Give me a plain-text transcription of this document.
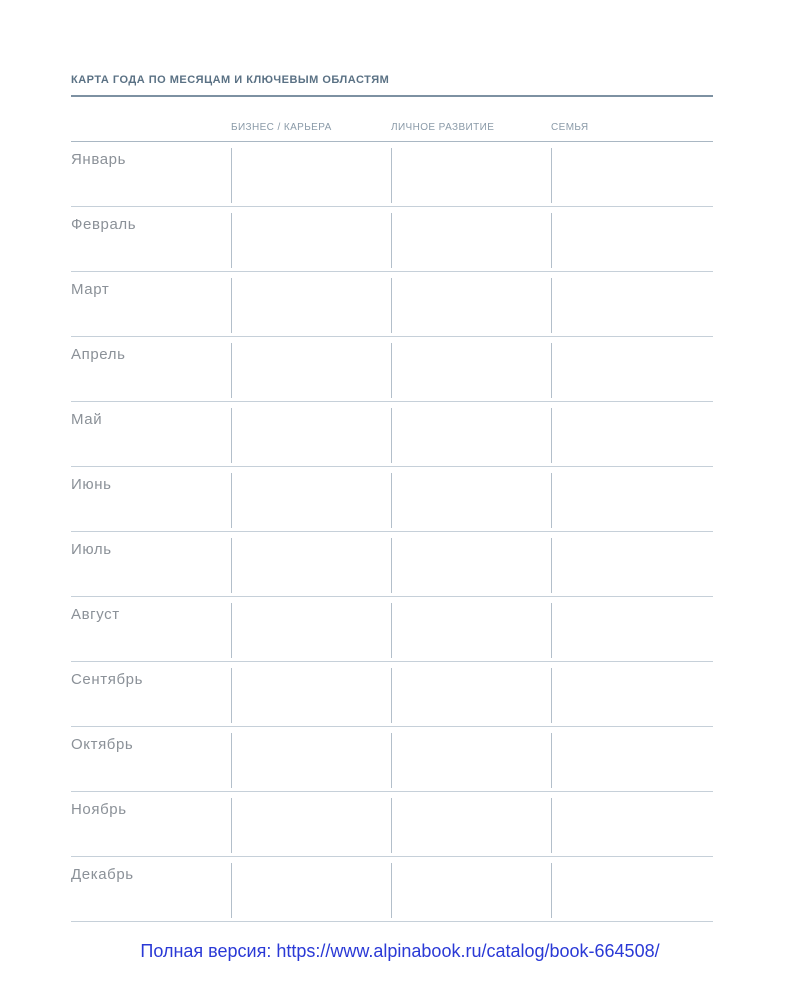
КАРТА ГОДА ПО МЕСЯЦАМ И КЛЮЧЕВЫМ ОБЛАСТЯМ
БИЗНЕС / КАРЬЕРА	ЛИЧНОЕ РАЗВИТИЕ	СЕМЬЯ
Январь
Февраль
Март
Апрель
Май
Июнь
Июль
Август
Сентябрь
Октябрь
Ноябрь
Декабрь
Полная версия: https://www.alpinabook.ru/catalog/book-664508/
